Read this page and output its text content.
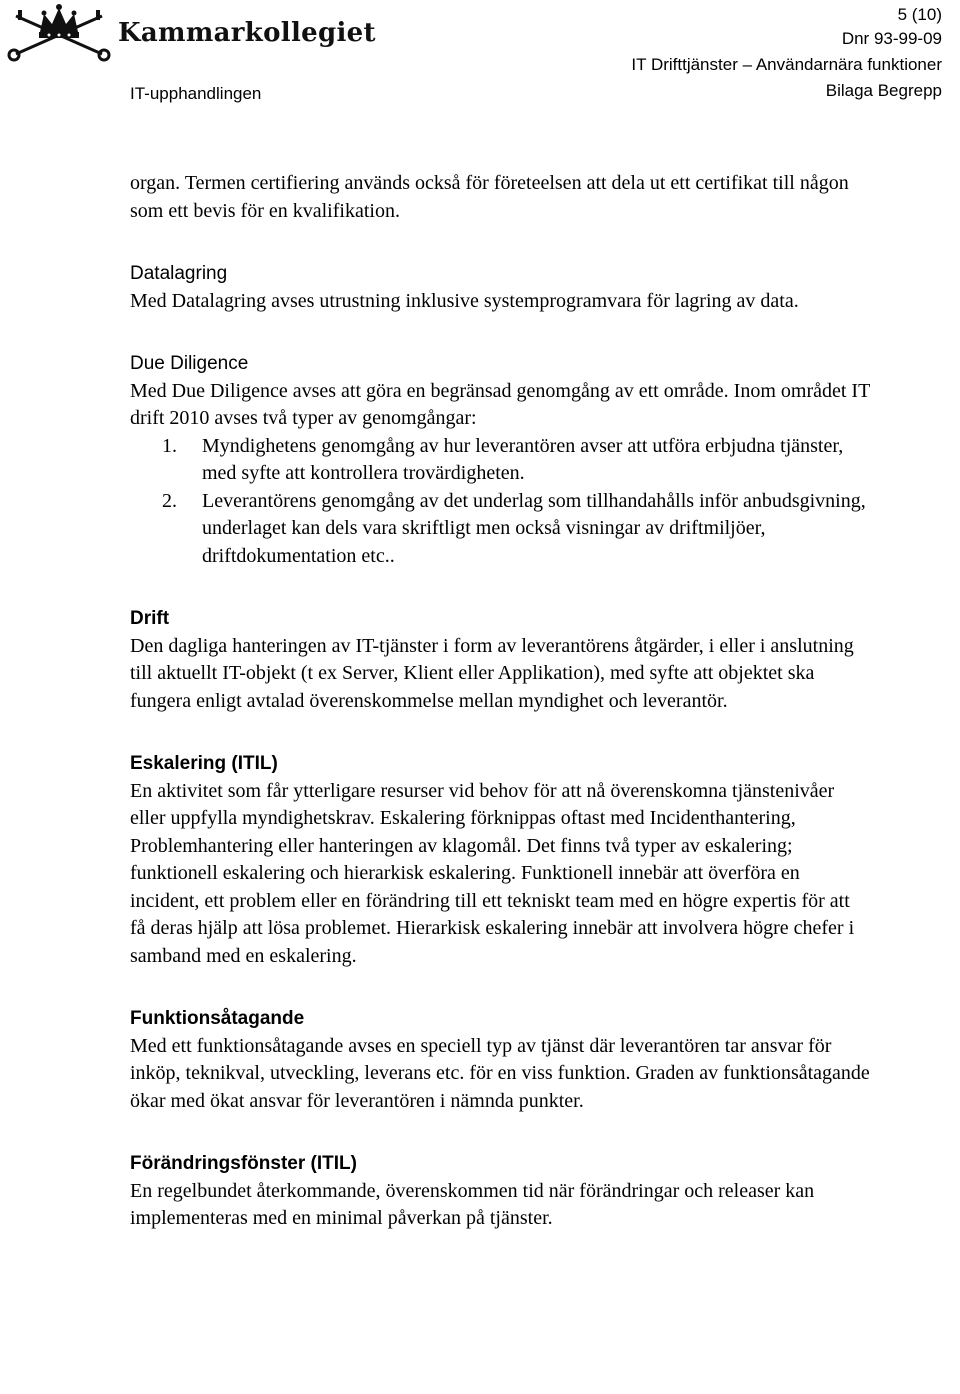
Kammarkollegiet
5 (10)
Dnr 93-99-09
IT Drifttjänster – Användarnära funktioner
Bilaga Begrepp
IT-upphandlingen

organ. Termen certifiering används också för företeelsen att dela ut ett certifikat till någon som ett bevis för en kvalifikation.

Datalagring

Med Datalagring avses utrustning inklusive systemprogramvara för lagring av data.

Due Diligence

Med Due Diligence avses att göra en begränsad genomgång av ett område. Inom området IT drift 2010 avses två typer av genomgångar:

1. Myndighetens genomgång av hur leverantören avser att utföra erbjudna tjänster, med syfte att kontrollera trovärdigheten.
2. Leverantörens genomgång av det underlag som tillhandahålls inför anbudsgivning, underlaget kan dels vara skriftligt men också visningar av driftmiljöer, driftdokumentation etc..
Drift

Den dagliga hanteringen av IT-tjänster i form av leverantörens åtgärder, i eller i anslutning till aktuellt IT-objekt (t ex Server, Klient eller Applikation), med syfte att objektet ska fungera enligt avtalad överenskommelse mellan myndighet och leverantör.

Eskalering (ITIL)

En aktivitet som får ytterligare resurser vid behov för att nå överenskomna tjänstenivåer eller uppfylla myndighetskrav. Eskalering förknippas oftast med Incidenthantering, Problemhantering eller hanteringen av klagomål. Det finns två typer av eskalering; funktionell eskalering och hierarkisk eskalering. Funktionell innebär att överföra en incident, ett problem eller en förändring till ett tekniskt team med en högre expertis för att få deras hjälp att lösa problemet. Hierarkisk eskalering innebär att involvera högre chefer i samband med en eskalering.

Funktionsåtagande

Med ett funktionsåtagande avses en speciell typ av tjänst där leverantören tar ansvar för inköp, teknikval, utveckling, leverans etc. för en viss funktion. Graden av funktionsåtagande ökar med ökat ansvar för leverantören i nämnda punkter.

Förändringsfönster (ITIL)

En regelbundet återkommande, överenskommen tid när förändringar och releaser kan implementeras med en minimal påverkan på tjänster.
